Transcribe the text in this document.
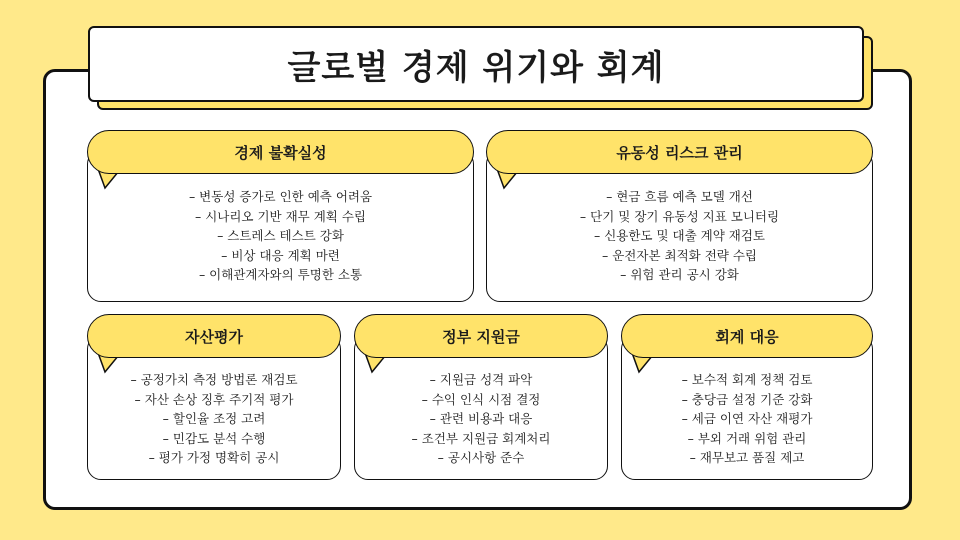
글로벌 경제 위기와 회계
– 변동성 증가로 인한 예측 어려움
– 시나리오 기반 재무 계획 수립
– 스트레스 테스트 강화
– 비상 대응 계획 마련
– 이해관계자와의 투명한 소통
경제 불확실성
– 현금 흐름 예측 모델 개선
– 단기 및 장기 유동성 지표 모니터링
– 신용한도 및 대출 계약 재검토
– 운전자본 최적화 전략 수립
– 위험 관리 공시 강화
유동성 리스크 관리
– 공정가치 측정 방법론 재검토
– 자산 손상 징후 주기적 평가
– 할인율 조정 고려
– 민감도 분석 수행
– 평가 가정 명확히 공시
자산평가
– 지원금 성격 파악
– 수익 인식 시점 결정
– 관련 비용과 대응
– 조건부 지원금 회계처리
– 공시사항 준수
정부 지원금
– 보수적 회계 정책 검토
– 충당금 설정 기준 강화
– 세금 이연 자산 재평가
– 부외 거래 위험 관리
– 재무보고 품질 제고
회계 대응
